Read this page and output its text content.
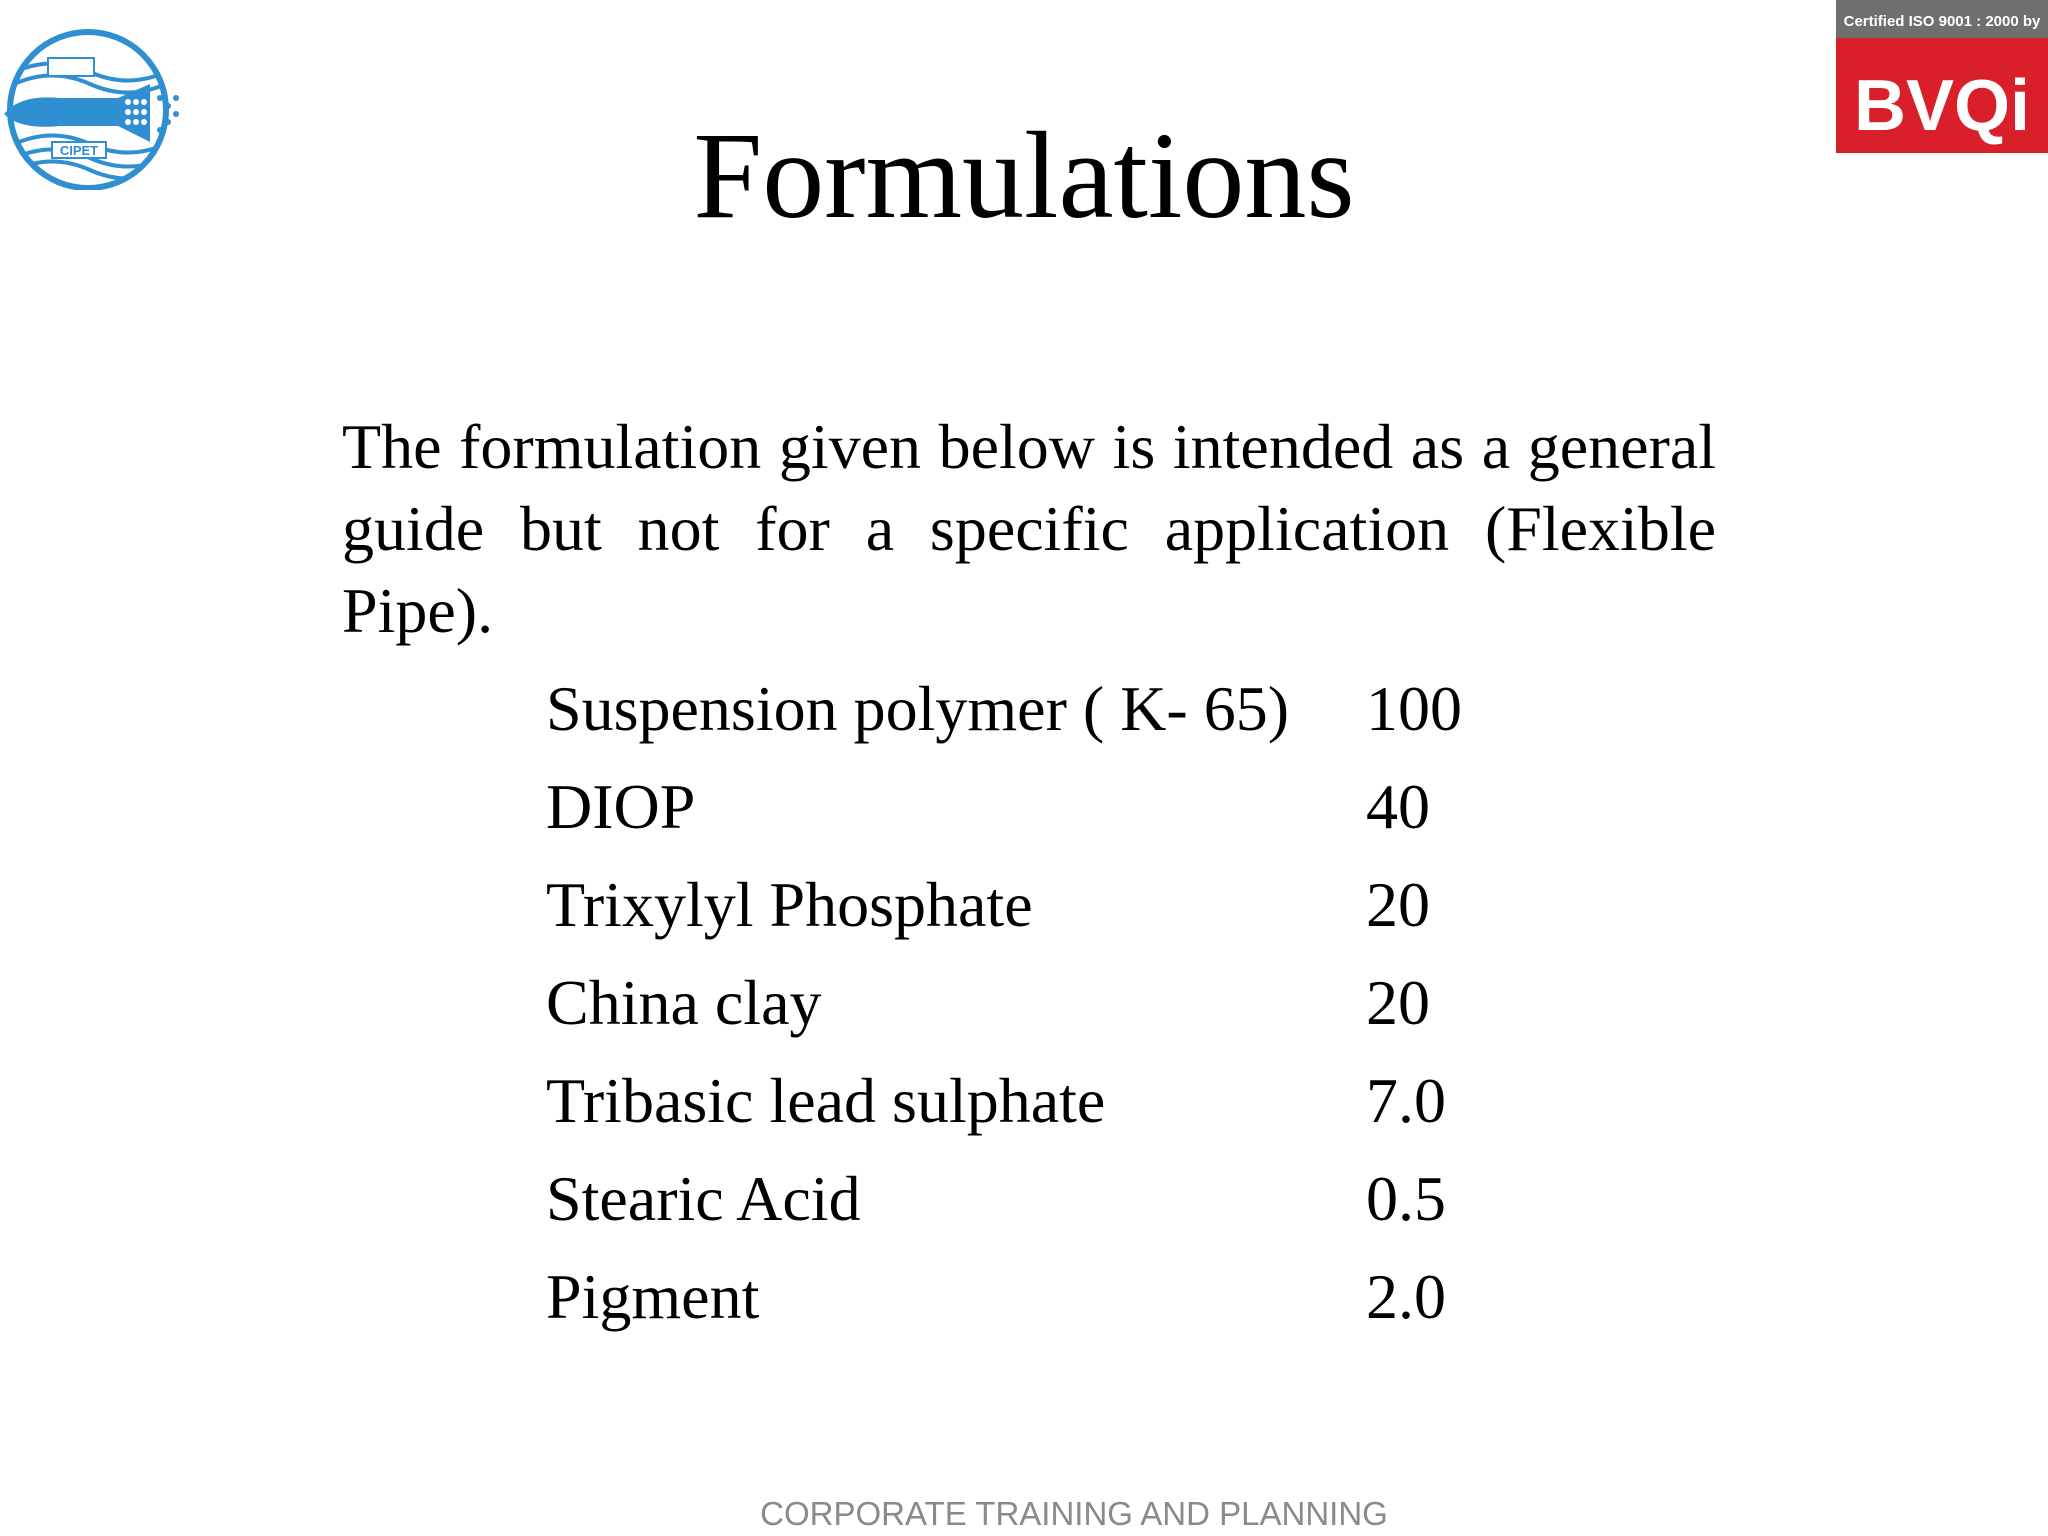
CIPET
Certified ISO 9001 : 2000 by
BVQi
Formulations
The formulation given below is intended as a general guide but not for a specific application (Flexible Pipe).
Suspension polymer ( K- 65) 100
DIOP	40
Trixylyl Phosphate	20
China clay	20
Tribasic lead sulphate	7.0
Stearic Acid	0.5
Pigment	2.0
CORPORATE TRAINING AND PLANNING
